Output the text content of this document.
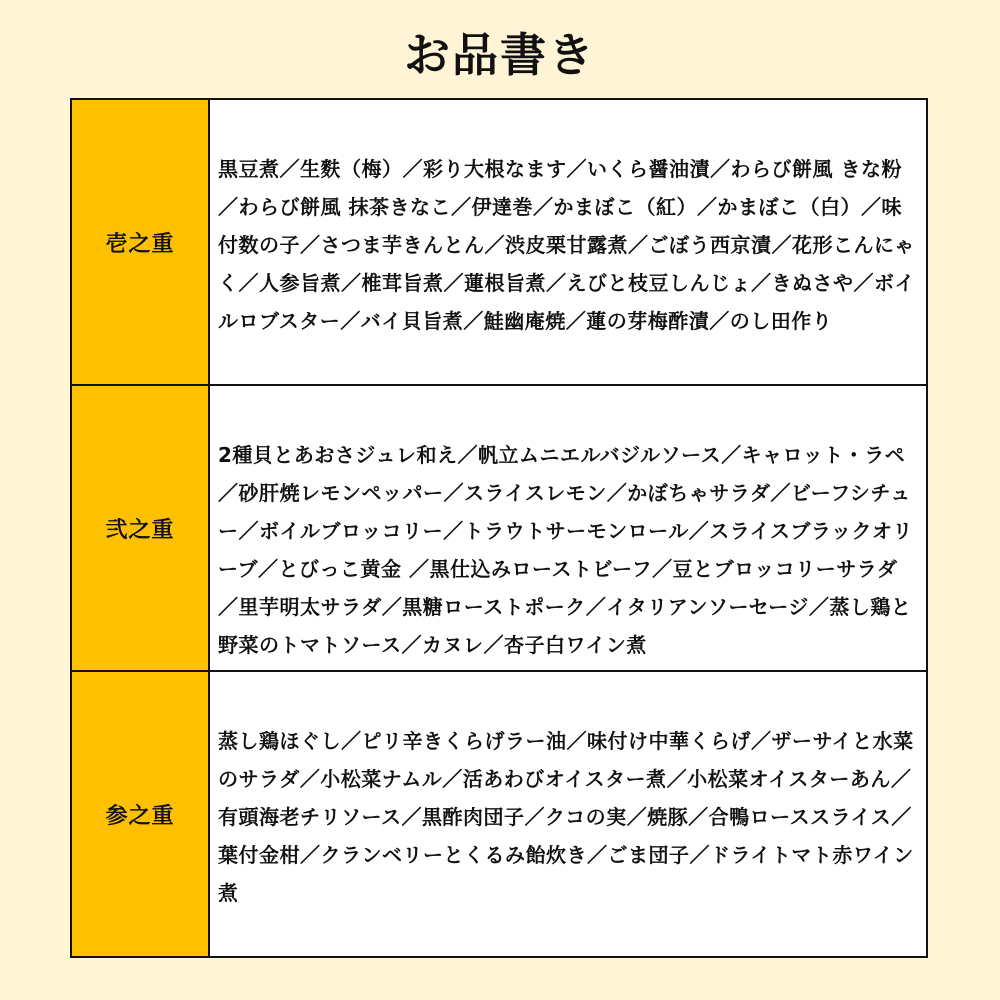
お品書き
壱之重	黒豆煮／生麩（梅）／彩り大根なます／いくら醤油漬／わらび餅風 きな粉／わらび餅風 抹茶きなこ／伊達巻／かまぼこ（紅）／かまぼこ（白）／味付数の子／さつま芋きんとん／渋皮栗甘露煮／ごぼう西京漬／花形こんにゃく／人参旨煮／椎茸旨煮／蓮根旨煮／えびと枝豆しんじょ／きぬさや／ボイルロブスター／バイ貝旨煮／鮭幽庵焼／蓮の芽梅酢漬／のし田作り

弐之重	2種貝とあおさジュレ和え／帆立ムニエルバジルソース／キャロット・ラペ／砂肝焼レモンペッパー／スライスレモン／かぼちゃサラダ／ビーフシチュー／ボイルブロッコリー／トラウトサーモンロール／スライスブラックオリーブ／とびっこ黄金 ／黒仕込みローストビーフ／豆とブロッコリーサラダ／里芋明太サラダ／黒糖ローストポーク／イタリアンソーセージ／蒸し鶏と野菜のトマトソース／カヌレ／杏子白ワイン煮

参之重	蒸し鶏ほぐし／ピリ辛きくらげラー油／味付け中華くらげ／ザーサイと水菜のサラダ／小松菜ナムル／活あわびオイスター煮／小松菜オイスターあん／有頭海老チリソース／黒酢肉団子／クコの実／焼豚／合鴨ローススライス／葉付金柑／クランベリーとくるみ飴炊き／ごま団子／ドライトマト赤ワイン煮
